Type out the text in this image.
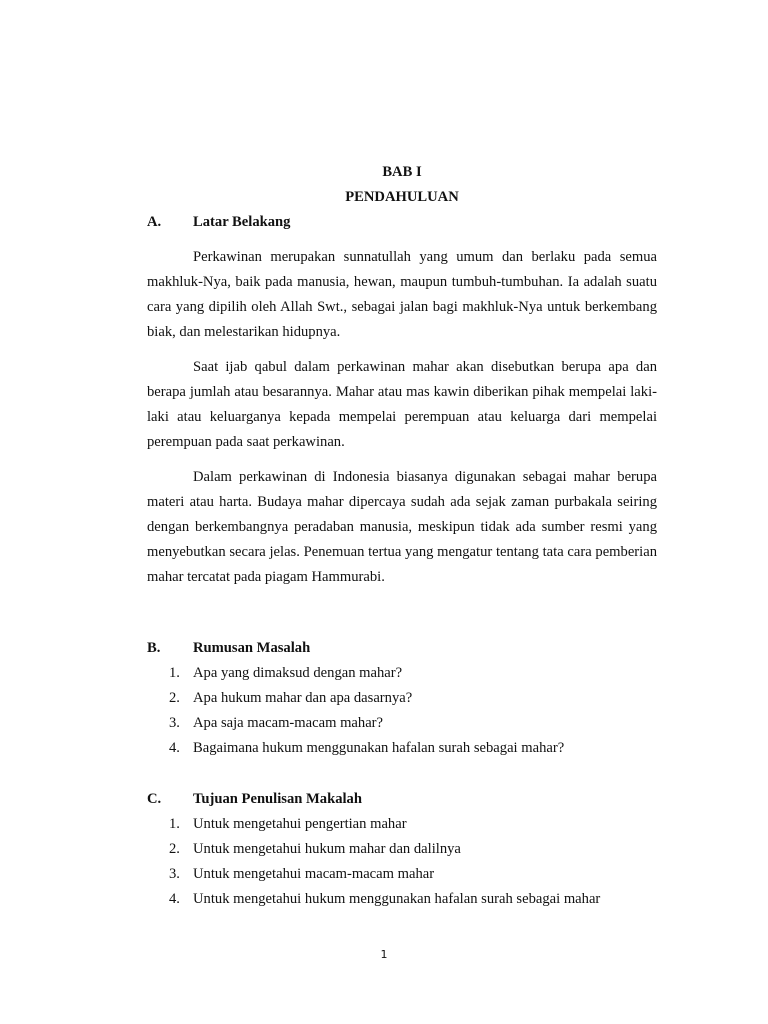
BAB I
PENDAHULUAN
A. Latar Belakang

Perkawinan merupakan sunnatullah yang umum dan berlaku pada semua makhluk-Nya, baik pada manusia, hewan, maupun tumbuh-tumbuhan. Ia adalah suatu cara yang dipilih oleh Allah Swt., sebagai jalan bagi makhluk-Nya untuk berkembang biak, dan melestarikan hidupnya.

Saat ijab qabul dalam perkawinan mahar akan disebutkan berupa apa dan berapa jumlah atau besarannya. Mahar atau mas kawin diberikan pihak mempelai laki-laki atau keluarganya kepada mempelai perempuan atau keluarga dari mempelai perempuan pada saat perkawinan.

Dalam perkawinan di Indonesia biasanya digunakan sebagai mahar berupa materi atau harta. Budaya mahar dipercaya sudah ada sejak zaman purbakala seiring dengan berkembangnya peradaban manusia, meskipun tidak ada sumber resmi yang menyebutkan secara jelas. Penemuan tertua yang mengatur tentang tata cara pemberian mahar tercatat pada piagam Hammurabi.

B. Rumusan Masalah
1. Apa yang dimaksud dengan mahar?
2. Apa hukum mahar dan apa dasarnya?
3. Apa saja macam-macam mahar?
4. Bagaimana hukum menggunakan hafalan surah sebagai mahar?
C. Tujuan Penulisan Makalah
1. Untuk mengetahui pengertian mahar
2. Untuk mengetahui hukum mahar dan dalilnya
3. Untuk mengetahui macam-macam mahar
4. Untuk mengetahui hukum menggunakan hafalan surah sebagai mahar
1
